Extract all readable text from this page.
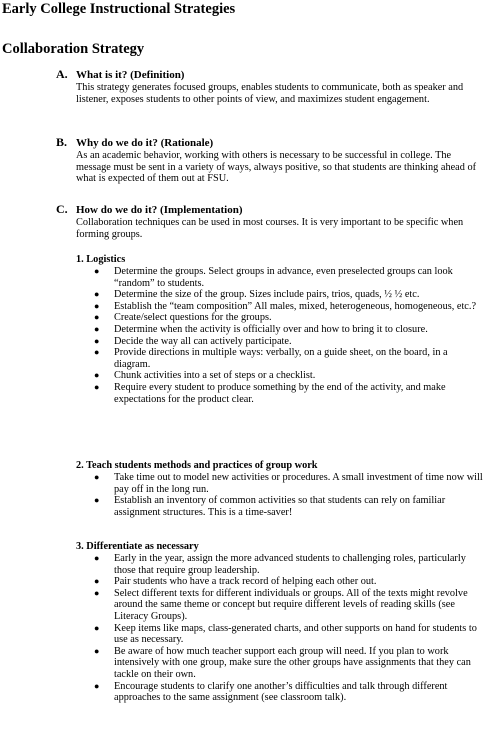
Early College Instructional Strategies
Collaboration Strategy
A. What is it? (Definition)
This strategy generates focused groups, enables students to communicate, both as speaker and listener, exposes students to other points of view, and maximizes student engagement.
B. Why do we do it? (Rationale)
As an academic behavior, working with others is necessary to be successful in college. The message must be sent in a variety of ways, always positive, so that students are thinking ahead of what is expected of them out at FSU.
C. How do we do it? (Implementation)
Collaboration techniques can be used in most courses. It is very important to be specific when forming groups.
1. Logistics
● Determine the groups. Select groups in advance, even preselected groups can look “random” to students.
● Determine the size of the group. Sizes include pairs, trios, quads, ½ ½ etc.
● Establish the “team composition” All males, mixed, heterogeneous, homogeneous, etc.?
● Create/select questions for the groups.
● Determine when the activity is officially over and how to bring it to closure.
● Decide the way all can actively participate.
● Provide directions in multiple ways: verbally, on a guide sheet, on the board, in a diagram.
● Chunk activities into a set of steps or a checklist.
● Require every student to produce something by the end of the activity, and make expectations for the product clear.
2. Teach students methods and practices of group work
● Take time out to model new activities or procedures. A small investment of time now will pay off in the long run.
● Establish an inventory of common activities so that students can rely on familiar assignment structures. This is a time-saver!
3. Differentiate as necessary
● Early in the year, assign the more advanced students to challenging roles, particularly those that require group leadership.
● Pair students who have a track record of helping each other out.
● Select different texts for different individuals or groups. All of the texts might revolve around the same theme or concept but require different levels of reading skills (see Literacy Groups).
● Keep items like maps, class-generated charts, and other supports on hand for students to use as necessary.
● Be aware of how much teacher support each group will need. If you plan to work intensively with one group, make sure the other groups have assignments that they can tackle on their own.
● Encourage students to clarify one another’s difficulties and talk through different approaches to the same assignment (see classroom talk).
